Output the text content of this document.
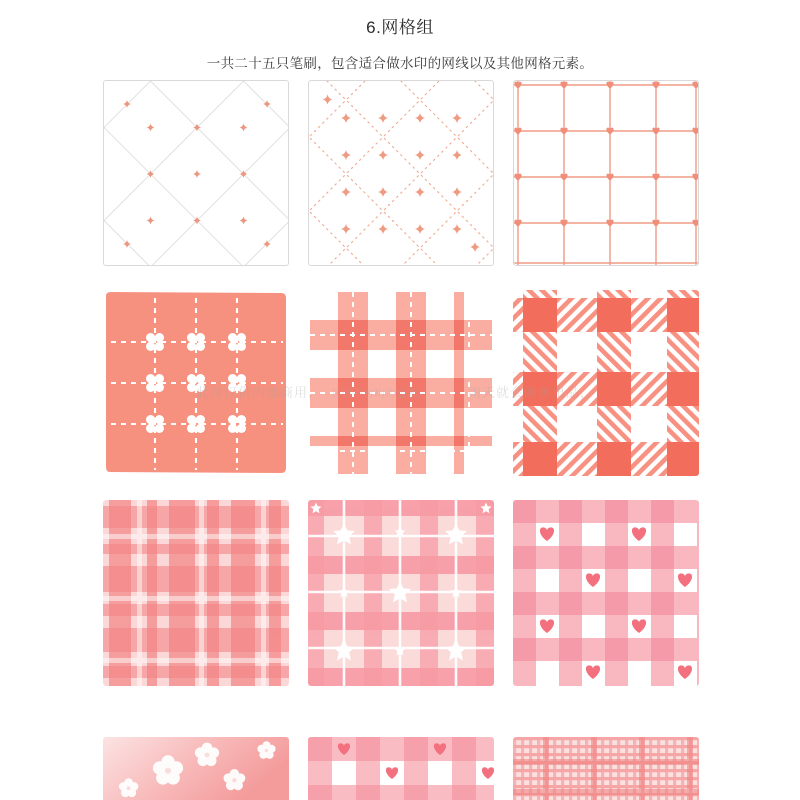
6.网格组
一共二十五只笔刷，包含适合做水印的网线以及其他网格元素。
此图仅供内部商用，	雨天就会画画出品，
其他平台均为盗卖。
